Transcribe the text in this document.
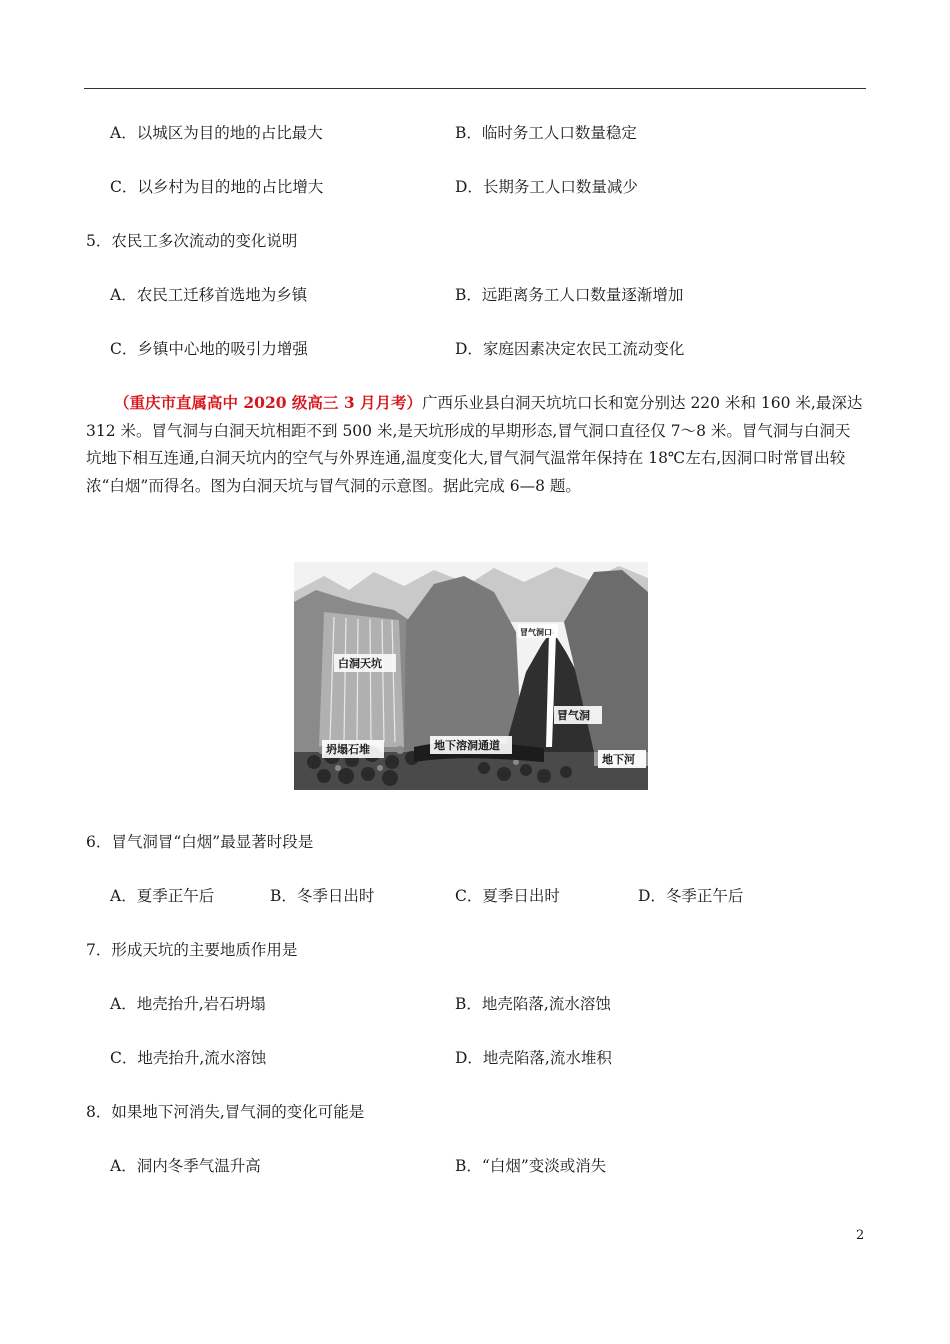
A．以城区为目的地的占比最大	B．临时务工人口数量稳定
C．以乡村为目的地的占比增大	D．长期务工人口数量减少
5．农民工多次流动的变化说明
A．农民工迁移首选地为乡镇	B．远距离务工人口数量逐渐增加
C．乡镇中心地的吸引力增强	D．家庭因素决定农民工流动变化
（重庆市直属高中 2020 级高三 3 月月考）广西乐业县白洞天坑坑口长和宽分别达 220 米和 160 米,最深达 312 米。冒气洞与白洞天坑相距不到 500 米,是天坑形成的早期形态,冒气洞口直径仅 7～8 米。冒气洞与白洞天坑地下相互连通,白洞天坑内的空气与外界连通,温度变化大,冒气洞气温常年保持在 18℃左右,因洞口时常冒出较浓“白烟”而得名。图为白洞天坑与冒气洞的示意图。据此完成 6—8 题。
白洞天坑
冒气洞口
冒气洞
坍塌石堆	地下溶洞通道
地下河
6．冒气洞冒“白烟”最显著时段是
A．夏季正午后	B．冬季日出时	C．夏季日出时	D．冬季正午后
7．形成天坑的主要地质作用是
A．地壳抬升,岩石坍塌	B．地壳陷落,流水溶蚀
C．地壳抬升,流水溶蚀	D．地壳陷落,流水堆积
8．如果地下河消失,冒气洞的变化可能是
A．洞内冬季气温升高	B．“白烟”变淡或消失
2
